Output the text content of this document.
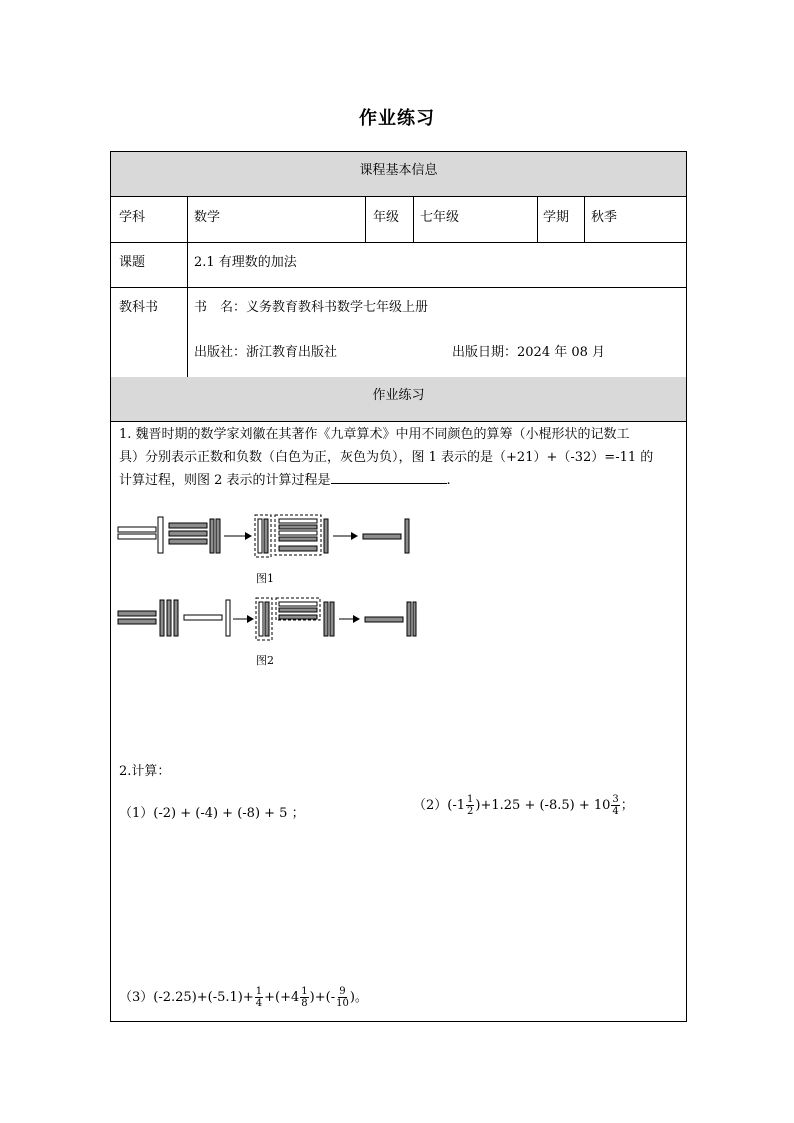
作业练习
课程基本信息
学科	数学	年级 七年级	学期 秋季
课题	2.1 有理数的加法
教科书	书　名：义务教育教科书数学七年级上册
出版社：浙江教育出版社	出版日期：2024 年 08 月
作业练习
1. 魏晋时期的数学家刘徽在其著作《九章算术》中用不同颜色的算筹（小棍形状的记数工
具）分别表示正数和负数（白色为正，灰色为负），图 1 表示的是（+21）+（-32）=-11 的
计算过程，则图 2 表示的计算过程是	.
图1
图2
2.计算：
（1）(-2) + (-4) + (-8) + 5 ；
$(2)(-1 \frac{1}{2} )+1.25 + (-8.5) + 10 \frac{3}{4}$ ；
$(3)(-2.25)+(-5.1)+ \frac{1}{4} +(+4 \frac{1}{8}$ )+(- $\frac{9}{10}$ )。
